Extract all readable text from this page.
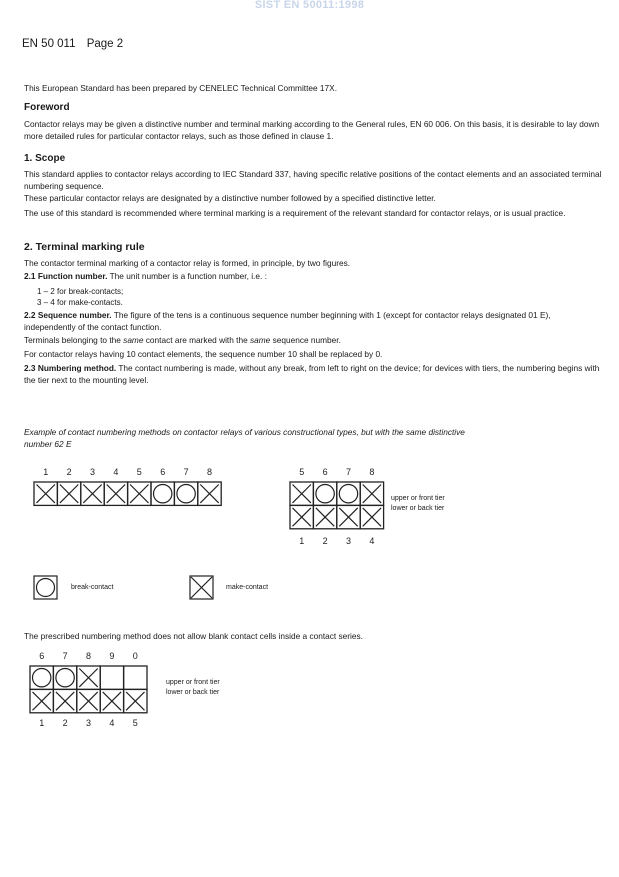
SIST EN 50011:1998
EN 50 011 Page 2
This European Standard has been prepared by CENELEC Technical Committee 17X.
Foreword
Contactor relays may be given a distinctive number and terminal marking according to the General rules, EN 60 006. On this basis, it is desirable to lay down more detailed rules for particular contactor relays, such as those defined in clause 1.
1. Scope
This standard applies to contactor relays according to IEC Standard 337, having specific relative positions of the contact elements and an associated terminal numbering sequence.
These particular contactor relays are designated by a distinctive number followed by a specified distinctive letter.
The use of this standard is recommended where terminal marking is a requirement of the relevant standard for contactor relays, or is usual practice.
2. Terminal marking rule
The contactor terminal marking of a contactor relay is formed, in principle, by two figures.
2.1 Function number. The unit number is a function number, i.e. :
1 – 2 for break-contacts;
3 – 4 for make-contacts.
2.2 Sequence number. The figure of the tens is a continuous sequence number beginning with 1 (except for contactor relays designated 01 E), independently of the contact function.
Terminals belonging to the same contact are marked with the same sequence number.
For contactor relays having 10 contact elements, the sequence number 10 shall be replaced by 0.
2.3 Numbering method. The contact numbering is made, without any break, from left to right on the device; for devices with tiers, the numbering begins with the tier next to the mounting level.
Example of contact numbering methods on contactor relays of various constructional types, but with the same distinctive number 62 E
1 2 3 4 5 6 7 8	5 6 7 8
1 2 3 4
upper or front tier
lower or back tier
break-contact	make-contact
The prescribed numbering method does not allow blank contact cells inside a contact series.
6 7 8 9 0
1 2 3 4 5
upper or front tier
lower or back tier
